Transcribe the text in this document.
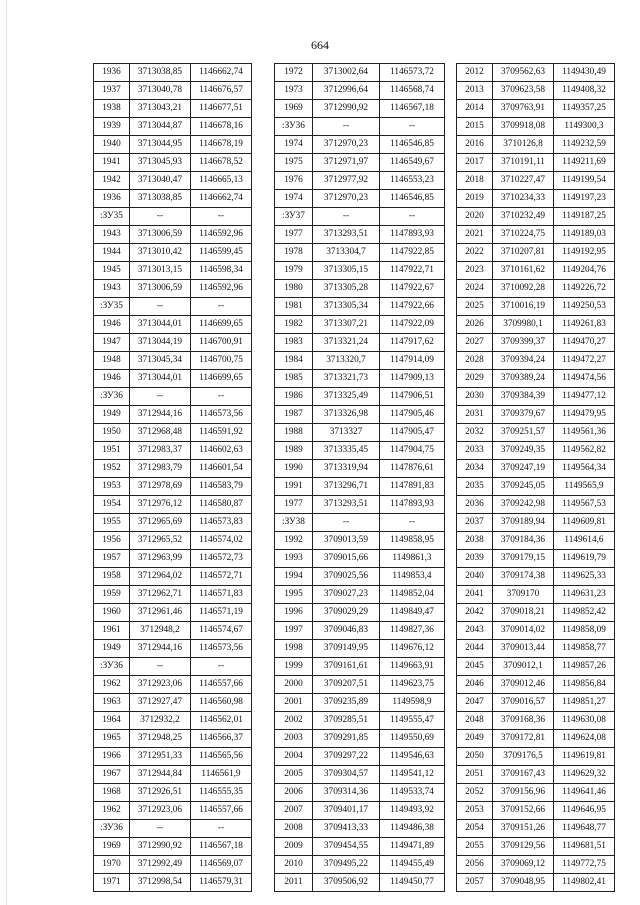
664
1936	3713038,85	1146662,74
1937	3713040,78	1146676,57
1938	3713043,21	1146677,51
1939	3713044,87	1146678,16
1940	3713044,95	1146678,19
1941	3713045,93	1146678,52
1942	3713040,47	1146665,13
1936	3713038,85	1146662,74
:ЗУ35	--	--
1943	3713006,59	1146592,96
1944	3713010,42	1146599,45
1945	3713013,15	1146598,34
1943	3713006,59	1146592,96
:ЗУ35	--	--
1946	3713044,01	1146699,65
1947	3713044,19	1146700,91
1948	3713045,34	1146700,75
1946	3713044,01	1146699,65
:ЗУ36	--	--
1949	3712944,16	1146573,56
1950	3712968,48	1146591,92
1951	3712983,37	1146602,63
1952	3712983,79	1146601,54
1953	3712978,69	1146583,79
1954	3712976,12	1146580,87
1955	3712965,69	1146573,83
1956	3712965,52	1146574,02
1957	3712963,99	1146572,73
1958	3712964,02	1146572,71
1959	3712962,71	1146571,83
1960	3712961,46	1146571,19
1961	3712948,2	1146574,67
1949	3712944,16	1146573,56
:ЗУ36	--	--
1962	3712923,06	1146557,66
1963	3712927,47	1146560,98
1964	3712932,2	1146562,01
1965	3712948,25	1146566,37
1966	3712951,33	1146565,56
1967	3712944,84	1146561,9
1968	3712926,51	1146555,35
1962	3712923,06	1146557,66
:ЗУ36	--	--
1969	3712990,92	1146567,18
1970	3712992,49	1146569,07
1971	3712998,54	1146579,31
1972	3713002,64	1146573,72
1973	3712996,64	1146568,74
1969	3712990,92	1146567,18
:ЗУ36	--	--
1974	3712970,23	1146546,85
1975	3712971,97	1146549,67
1976	3712977,92	1146553,23
1974	3712970,23	1146546,85
:ЗУ37	--	--
1977	3713293,51	1147893,93
1978	3713304,7	1147922,85
1979	3713305,15	1147922,71
1980	3713305,28	1147922,67
1981	3713305,34	1147922,66
1982	3713307,21	1147922,09
1983	3713321,24	1147917,62
1984	3713320,7	1147914,09
1985	3713321,73	1147909,13
1986	3713325,49	1147906,51
1987	3713326,98	1147905,46
1988	3713327	1147905,47
1989	3713335,45	1147904,75
1990	3713319,94	1147876,61
1991	3713296,71	1147891,83
1977	3713293,51	1147893,93
:ЗУ38	--	--
1992	3709013,59	1149858,95
1993	3709015,66	1149861,3
1994	3709025,56	1149853,4
1995	3709027,23	1149852,04
1996	3709029,29	1149849,47
1997	3709046,83	1149827,36
1998	3709149,95	1149676,12
1999	3709161,61	1149663,91
2000	3709207,51	1149623,75
2001	3709235,89	1149598,9
2002	3709285,51	1149555,47
2003	3709291,85	1149550,69
2004	3709297,22	1149546,63
2005	3709304,57	1149541,12
2006	3709314,36	1149533,74
2007	3709401,17	1149493,92
2008	3709413,33	1149486,38
2009	3709454,55	1149471,89
2010	3709495,22	1149455,49
2011	3709506,92	1149450,77
2012	3709562,63	1149430,49
2013	3709623,58	1149408,32
2014	3709763,91	1149357,25
2015	3709918,08	1149300,3
2016	3710126,8	1149232,59
2017	3710191,11	1149211,69
2018	3710227,47	1149199,54
2019	3710234,33	1149197,23
2020	3710232,49	1149187,25
2021	3710224,75	1149189,03
2022	3710207,81	1149192,95
2023	3710161,62	1149204,76
2024	3710092,28	1149226,72
2025	3710016,19	1149250,53
2026	3709980,1	1149261,83
2027	3709399,37	1149470,27
2028	3709394,24	1149472,27
2029	3709389,24	1149474,56
2030	3709384,39	1149477,12
2031	3709379,67	1149479,95
2032	3709251,57	1149561,36
2033	3709249,35	1149562,82
2034	3709247,19	1149564,34
2035	3709245,05	1149565,9
2036	3709242,98	1149567,53
2037	3709189,94	1149609,81
2038	3709184,36	1149614,6
2039	3709179,15	1149619,79
2040	3709174,38	1149625,33
2041	3709170	1149631,23
2042	3709018,21	1149852,42
2043	3709014,02	1149858,09
2044	3709013,44	1149858,77
2045	3709012,1	1149857,26
2046	3709012,46	1149856,84
2047	3709016,57	1149851,27
2048	3709168,36	1149630,08
2049	3709172,81	1149624,08
2050	3709176,5	1149619,81
2051	3709167,43	1149629,32
2052	3709156,96	1149641,46
2053	3709152,66	1149646,95
2054	3709151,26	1149648,77
2055	3709129,56	1149681,51
2056	3709069,12	1149772,75
2057	3709048,95	1149802,41
